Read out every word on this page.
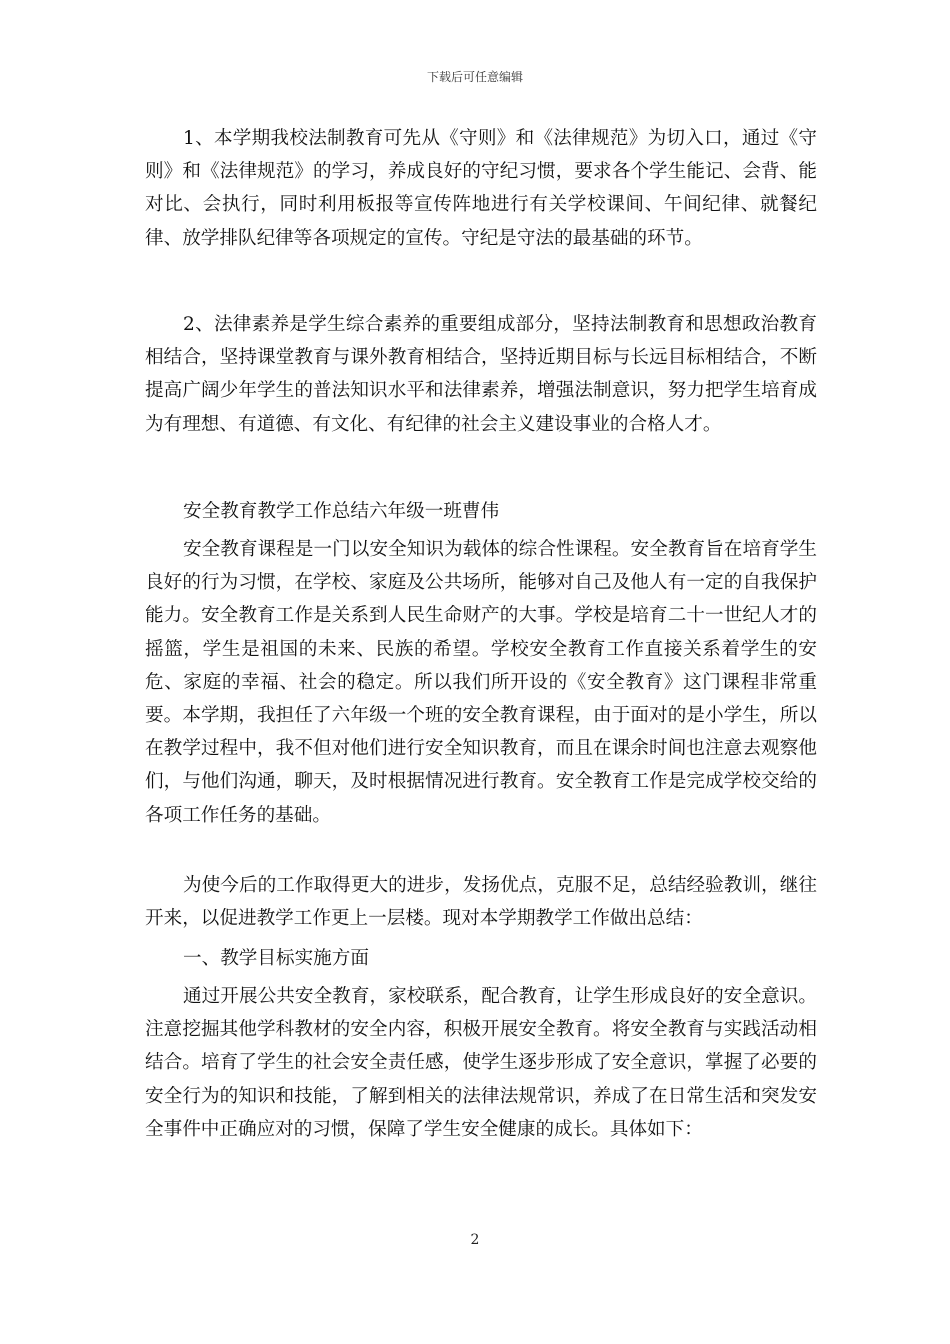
下载后可任意编辑

1、本学期我校法制教育可先从《守则》和《法律规范》为切入口，通过《守则》和《法律规范》的学习，养成良好的守纪习惯，要求各个学生能记、会背、能对比、会执行，同时利用板报等宣传阵地进行有关学校课间、午间纪律、就餐纪律、放学排队纪律等各项规定的宣传。守纪是守法的最基础的环节。

2、法律素养是学生综合素养的重要组成部分，坚持法制教育和思想政治教育相结合，坚持课堂教育与课外教育相结合，坚持近期目标与长远目标相结合，不断提高广阔少年学生的普法知识水平和法律素养，增强法制意识，努力把学生培育成为有理想、有道德、有文化、有纪律的社会主义建设事业的合格人才。

安全教育教学工作总结六年级一班曹伟

安全教育课程是一门以安全知识为载体的综合性课程。安全教育旨在培育学生良好的行为习惯，在学校、家庭及公共场所，能够对自己及他人有一定的自我保护能力。安全教育工作是关系到人民生命财产的大事。学校是培育二十一世纪人才的摇篮，学生是祖国的未来、民族的希望。学校安全教育工作直接关系着学生的安危、家庭的幸福、社会的稳定。所以我们所开设的《安全教育》这门课程非常重要。本学期，我担任了六年级一个班的安全教育课程，由于面对的是小学生，所以在教学过程中，我不但对他们进行安全知识教育，而且在课余时间也注意去观察他们，与他们沟通，聊天，及时根据情况进行教育。安全教育工作是完成学校交给的各项工作任务的基础。

为使今后的工作取得更大的进步，发扬优点，克服不足，总结经验教训，继往开来，以促进教学工作更上一层楼。现对本学期教学工作做出总结：

一、教学目标实施方面

通过开展公共安全教育，家校联系，配合教育，让学生形成良好的安全意识。注意挖掘其他学科教材的安全内容，积极开展安全教育。将安全教育与实践活动相结合。培育了学生的社会安全责任感，使学生逐步形成了安全意识，掌握了必要的安全行为的知识和技能，了解到相关的法律法规常识，养成了在日常生活和突发安全事件中正确应对的习惯，保障了学生安全健康的成长。具体如下：

2
